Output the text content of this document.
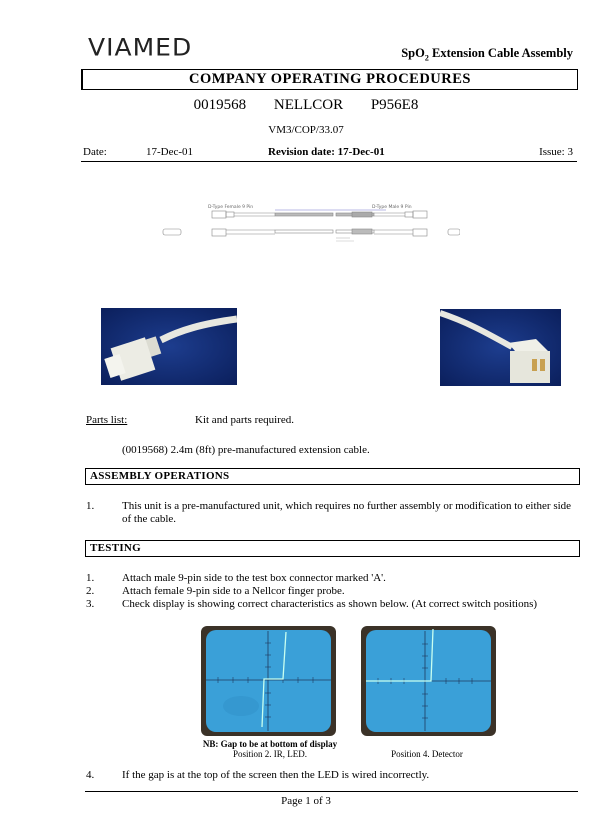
VIAMED	SpO$_2$ Extension Cable Assembly
COMPANY OPERATING PROCEDURES
0019568 NELLCOR P956E8
VM3/COP/33.07
Date:	17-Dec-01	Revision date: 17-Dec-01	Issue: 3
D-Type Female 9 Pin	D-Type Male 9 Pin
Parts list:	Kit and parts required.
(0019568) 2.4m (8ft) pre-manufactured extension cable.
ASSEMBLY OPERATIONS
1.	This unit is a pre-manufactured unit, which requires no further assembly or modification to either side of the cable.
TESTING
1.	Attach male 9-pin side to the test box connector marked 'A'.
2.	Attach female 9-pin side to a Nellcor finger probe.
3.	Check display is showing correct characteristics as shown below. (At correct switch positions)
NB: Gap to be at bottom of display
Position 2. IR, LED.	Position 4. Detector
4.	If the gap is at the top of the screen then the LED is wired incorrectly.
Page 1 of 3
